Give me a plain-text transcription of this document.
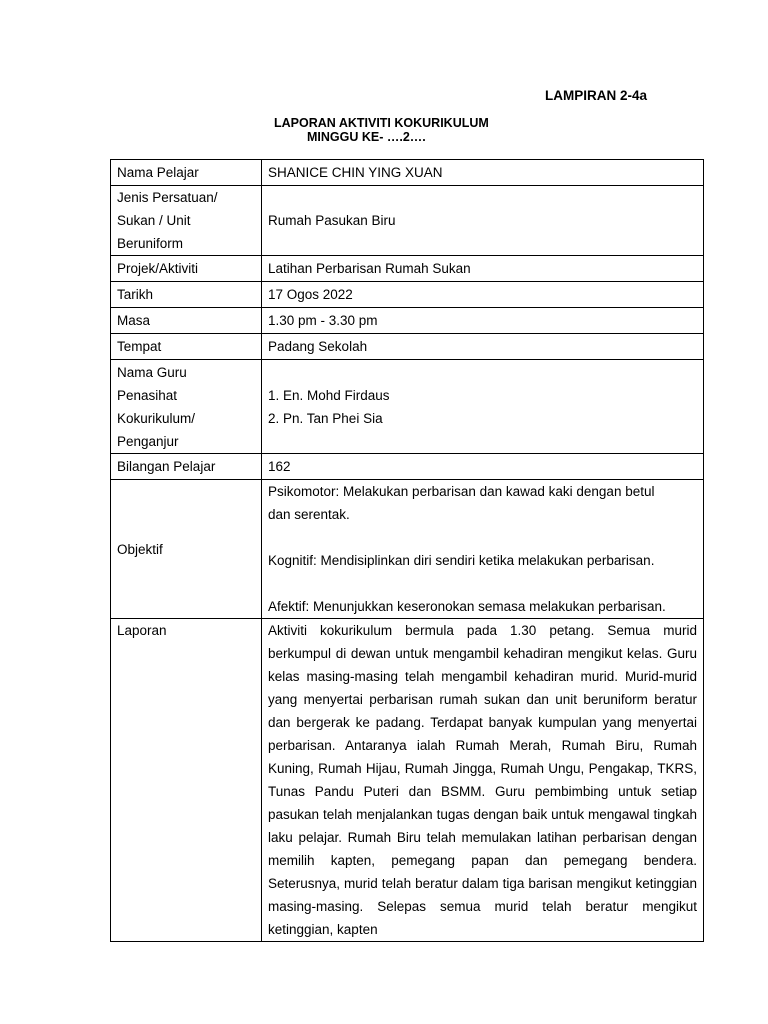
LAMPIRAN 2-4a
LAPORAN AKTIVITI KOKURIKULUM
MINGGU KE- ….2….
Nama Pelajar	SHANICE CHIN YING XUAN

Jenis Persatuan/
Sukan / Unit
Beruniform	Rumah Pasukan Biru
Projek/Aktiviti	Latihan Perbarisan Rumah Sukan
Tarikh	17 Ogos 2022
Masa	1.30 pm - 3.30 pm
Tempat	Padang Sekolah

Nama Guru
Penasihat
Kokurikulum/
Penganjur	1. En. Mohd Firdaus
2. Pn. Tan Phei Sia

Bilangan Pelajar	162
Objektif	Psikomotor: Melakukan perbarisan dan kawad kaki dengan betul
dan serentak.
Kognitif: Mendisiplinkan diri sendiri ketika melakukan perbarisan.
Afektif: Menunjukkan keseronokan semasa melakukan perbarisan.

Laporan	Aktiviti kokurikulum bermula pada 1.30 petang. Semua murid berkumpul di dewan untuk mengambil kehadiran mengikut kelas. Guru kelas masing-masing telah mengambil kehadiran murid. Murid-murid yang menyertai perbarisan rumah sukan dan unit beruniform beratur dan bergerak ke padang. Terdapat banyak kumpulan yang menyertai perbarisan. Antaranya ialah Rumah Merah, Rumah Biru, Rumah Kuning, Rumah Hijau, Rumah Jingga, Rumah Ungu, Pengakap, TKRS, Tunas Pandu Puteri dan BSMM. Guru pembimbing untuk setiap pasukan telah menjalankan tugas dengan baik untuk mengawal tingkah laku pelajar. Rumah Biru telah memulakan latihan perbarisan dengan memilih kapten, pemegang papan dan pemegang bendera. Seterusnya, murid telah beratur dalam tiga barisan mengikut ketinggian masing-masing. Selepas semua murid telah beratur mengikut ketinggian, kapten
